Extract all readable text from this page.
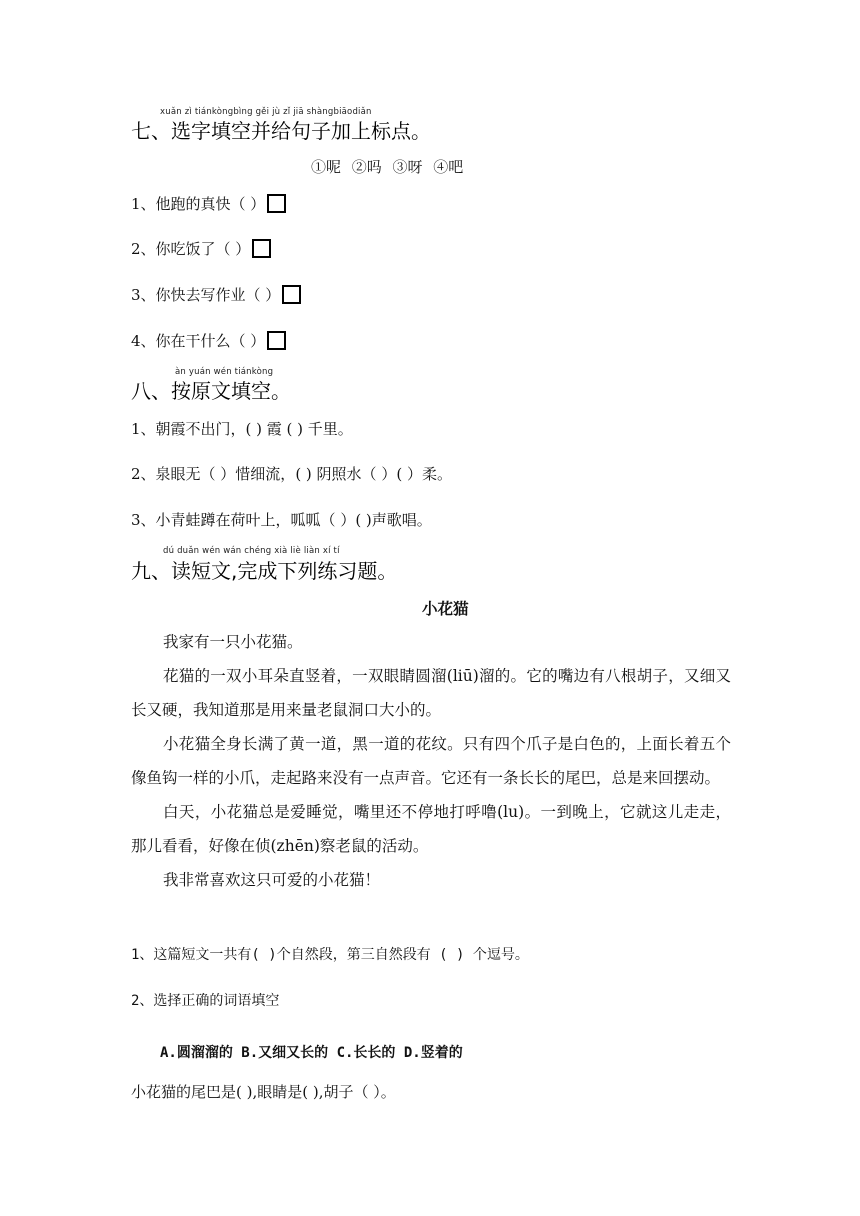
xuǎn zì tiánkòngbìng gěi jù zǐ jiā shàngbiāodiǎn
七、选字填空并给句子加上标点。
①呢 ②吗 ③呀 ④吧
1、他跑的真快（ ）
2、你吃饭了（ ）
3、你快去写作业（ ）
4、你在干什么（ ）
àn yuán wén tiánkòng
八、按原文填空。
1、朝霞不出门，( ) 霞 ( ) 千里。
2、泉眼无（ ）惜细流，( ) 阴照水（ ）( ）柔。
3、小青蛙蹲在荷叶上，呱呱（ ）( )声歌唱。
dú duǎn wén wán chéng xià liè liàn xí tí
九、读短文,完成下列练习题。
小花猫
我家有一只小花猫。
花猫的一双小耳朵直竖着，一双眼睛圆溜(liū)溜的。它的嘴边有八根胡子，又细又长又硬，我知道那是用来量老鼠洞口大小的。
小花猫全身长满了黄一道，黑一道的花纹。只有四个爪子是白色的，上面长着五个像鱼钩一样的小爪，走起路来没有一点声音。它还有一条长长的尾巴，总是来回摆动。
白天，小花猫总是爱睡觉，嘴里还不停地打呼噜(lu)。一到晚上，它就这儿走走，那儿看看，好像在侦(zhēn)察老鼠的活动。
我非常喜欢这只可爱的小花猫！
1、这篇短文一共有( )个自然段，第三自然段有 ( ) 个逗号。
2、选择正确的词语填空
A.圆溜溜的 B.又细又长的 C.长长的 D.竖着的
小花猫的尾巴是( ),眼睛是( ),胡子（ ）。
